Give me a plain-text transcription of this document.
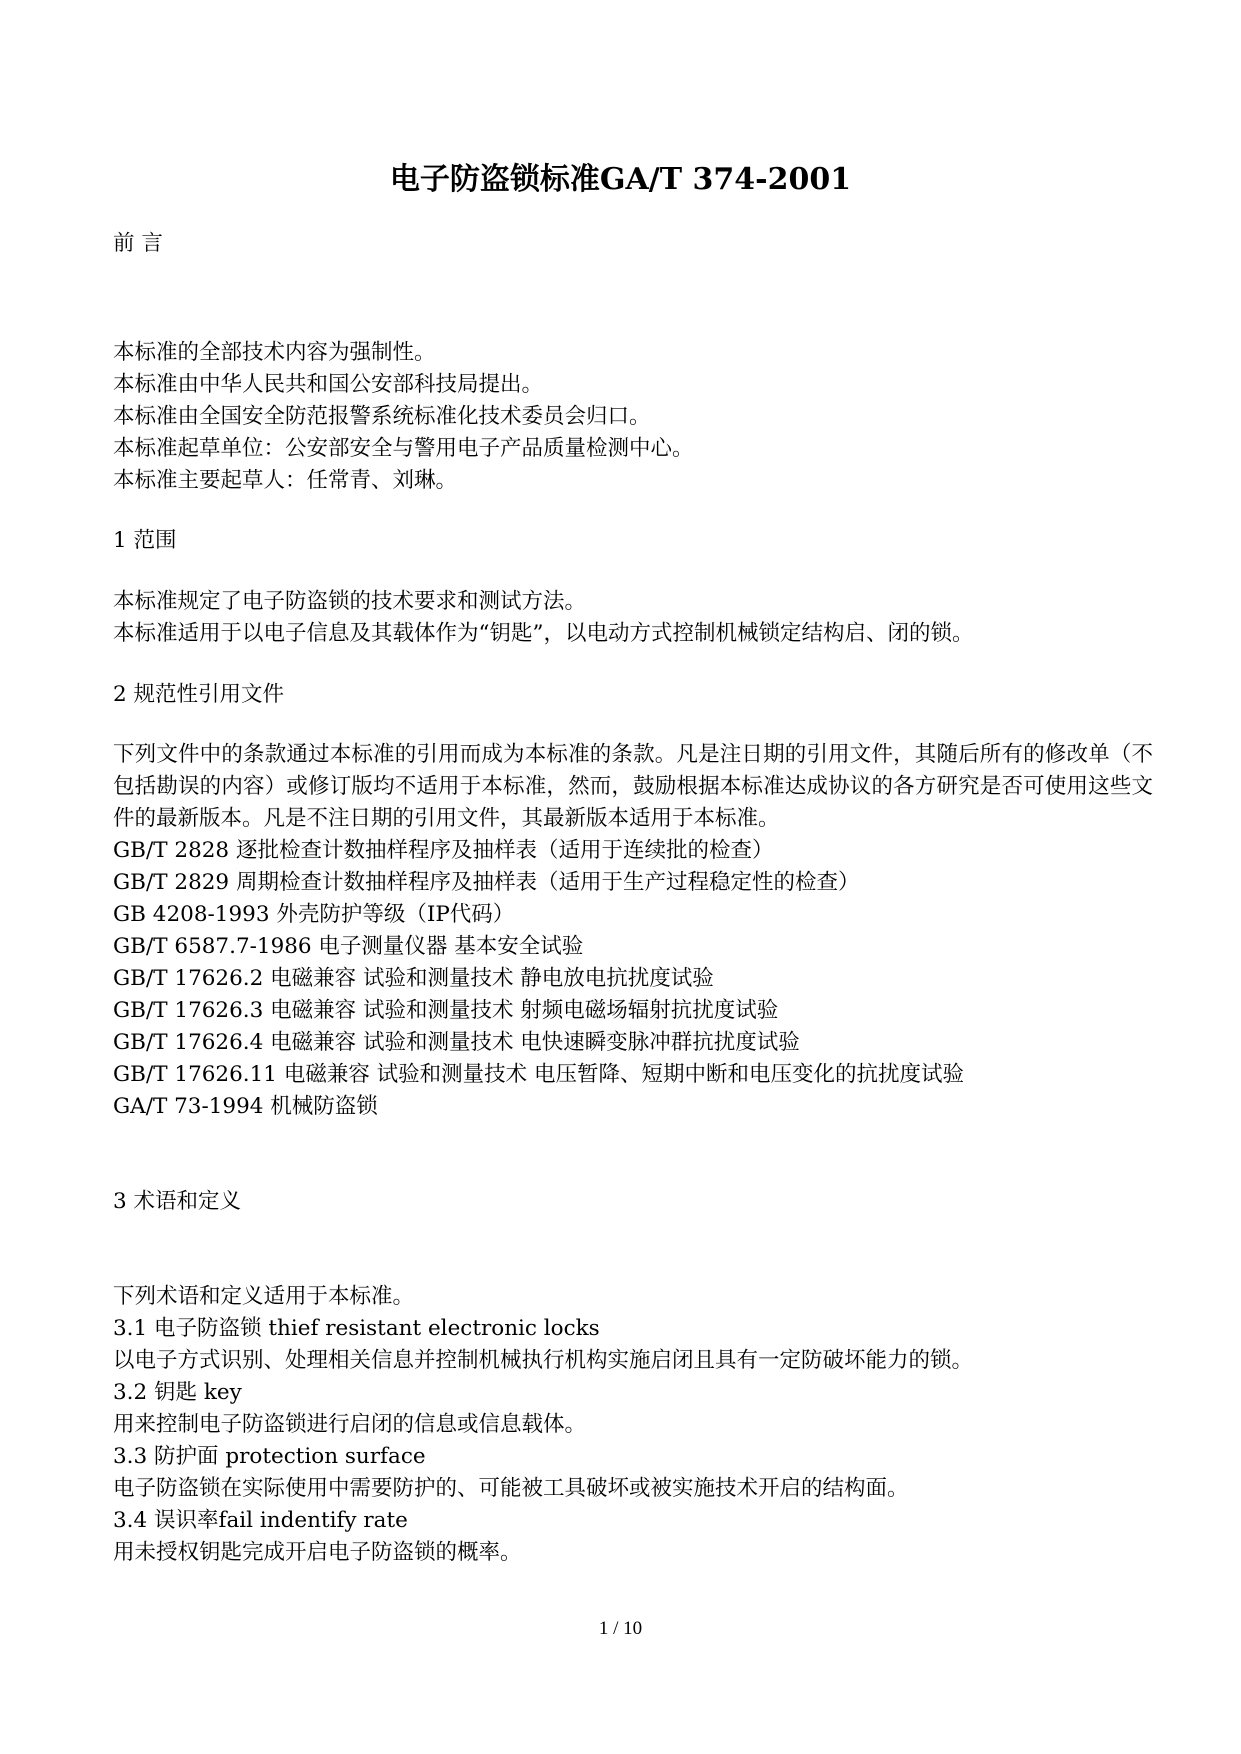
电子防盗锁标准GA/T 374-2001
前 言
本标准的全部技术内容为强制性。
本标准由中华人民共和国公安部科技局提出。
本标准由全国安全防范报警系统标准化技术委员会归口。
本标准起草单位：公安部安全与警用电子产品质量检测中心。
本标准主要起草人：任常青、刘琳。
1 范围
本标准规定了电子防盗锁的技术要求和测试方法。
本标准适用于以电子信息及其载体作为“钥匙”，以电动方式控制机械锁定结构启、闭的锁。
2 规范性引用文件
下列文件中的条款通过本标准的引用而成为本标准的条款。凡是注日期的引用文件，其随后所有的修改单（不包括勘误的内容）或修订版均不适用于本标准，然而，鼓励根据本标准达成协议的各方研究是否可使用这些文件的最新版本。凡是不注日期的引用文件，其最新版本适用于本标准。
GB/T 2828 逐批检查计数抽样程序及抽样表（适用于连续批的检查）
GB/T 2829 周期检查计数抽样程序及抽样表（适用于生产过程稳定性的检查）
GB 4208-1993 外壳防护等级（IP代码）
GB/T 6587.7-1986 电子测量仪器 基本安全试验
GB/T 17626.2 电磁兼容 试验和测量技术 静电放电抗扰度试验
GB/T 17626.3 电磁兼容 试验和测量技术 射频电磁场辐射抗扰度试验
GB/T 17626.4 电磁兼容 试验和测量技术 电快速瞬变脉冲群抗扰度试验
GB/T 17626.11 电磁兼容 试验和测量技术 电压暂降、短期中断和电压变化的抗扰度试验
GA/T 73-1994 机械防盗锁
3 术语和定义
下列术语和定义适用于本标准。
3.1 电子防盗锁 thief resistant electronic locks
以电子方式识别、处理相关信息并控制机械执行机构实施启闭且具有一定防破坏能力的锁。
3.2 钥匙 key
用来控制电子防盗锁进行启闭的信息或信息载体。
3.3 防护面 protection surface
电子防盗锁在实际使用中需要防护的、可能被工具破坏或被实施技术开启的结构面。
3.4 误识率fail indentify rate
用未授权钥匙完成开启电子防盗锁的概率。
1 / 10
